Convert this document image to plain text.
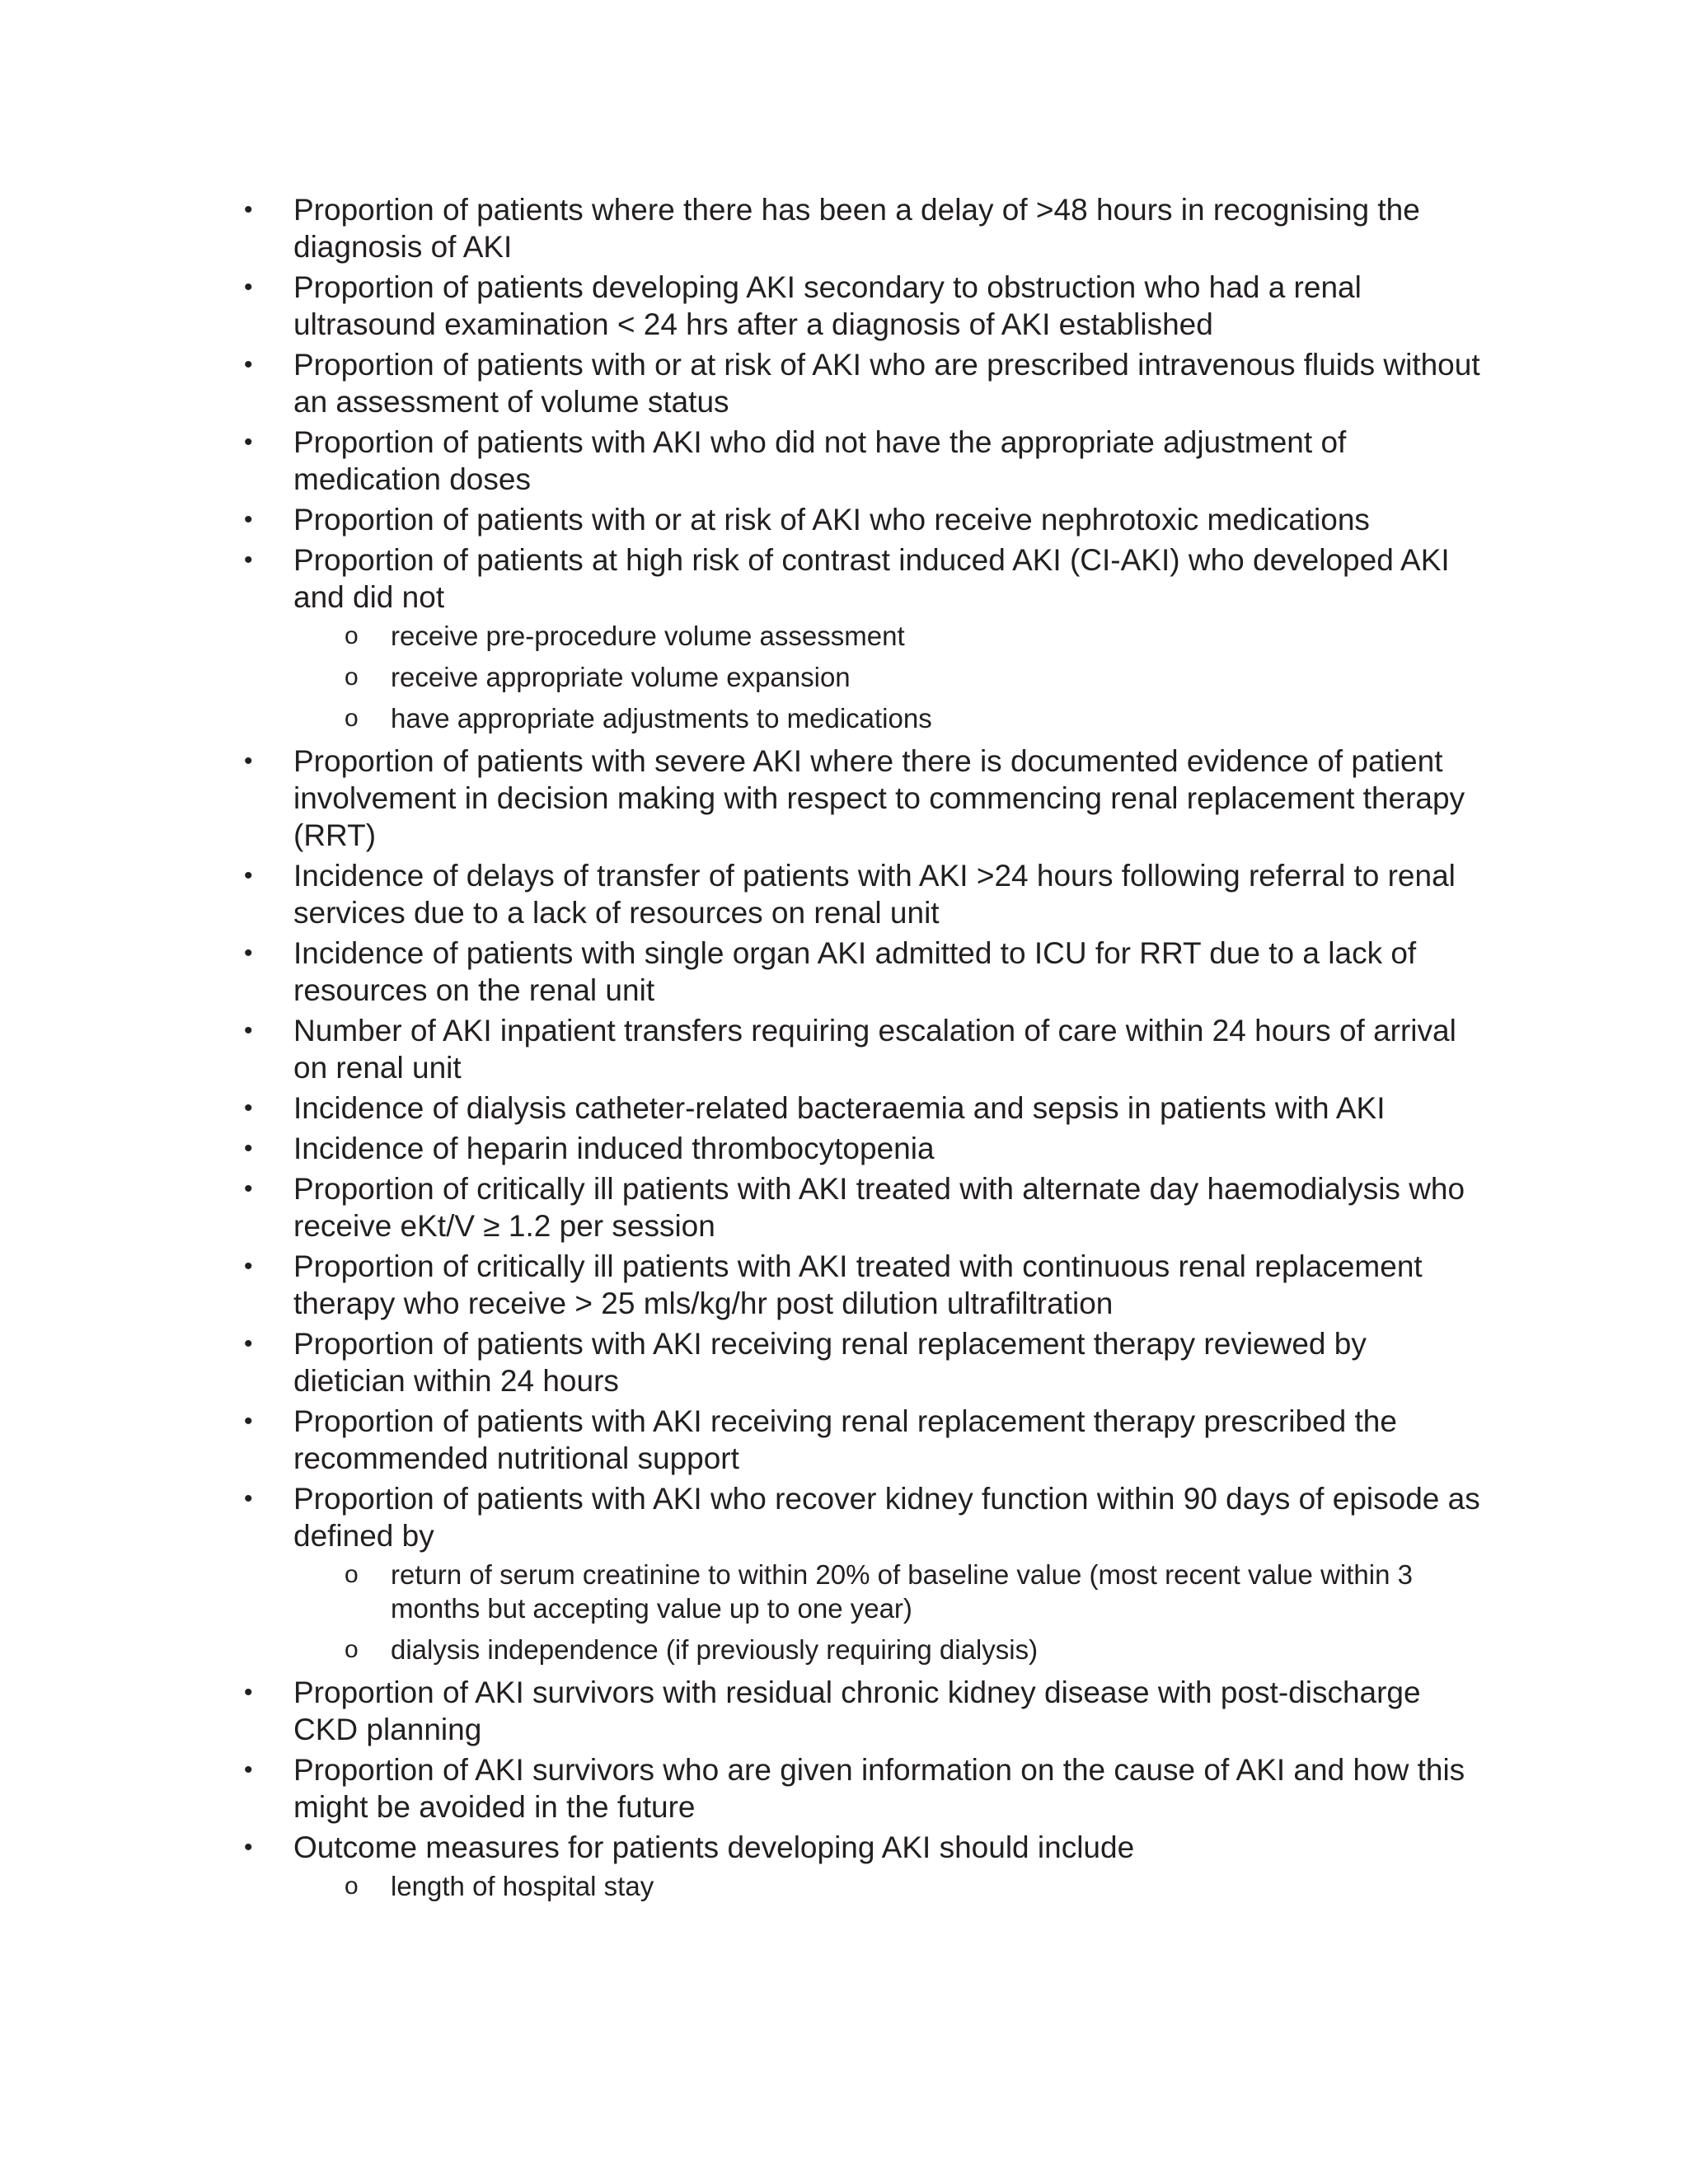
•	Proportion of patients where there has been a delay of >48 hours in recognising the diagnosis of AKI
•	Proportion of patients developing AKI secondary to obstruction who had a renal ultrasound examination < 24 hrs after a diagnosis of AKI established
•	Proportion of patients with or at risk of AKI who are prescribed intravenous fluids without an assessment of volume status
•	Proportion of patients with AKI who did not have the appropriate adjustment of medication doses
•	Proportion of patients with or at risk of AKI who receive nephrotoxic medications
•	Proportion of patients at high risk of contrast induced AKI (CI-AKI) who developed AKI and did not
o receive pre-procedure volume assessment
o receive appropriate volume expansion
o have appropriate adjustments to medications
•	Proportion of patients with severe AKI where there is documented evidence of patient involvement in decision making with respect to commencing renal replacement therapy (RRT)
•	Incidence of delays of transfer of patients with AKI >24 hours following referral to renal services due to a lack of resources on renal unit
•	Incidence of patients with single organ AKI admitted to ICU for RRT due to a lack of resources on the renal unit
•	Number of AKI inpatient transfers requiring escalation of care within 24 hours of arrival on renal unit
•	Incidence of dialysis catheter-related bacteraemia and sepsis in patients with AKI
•	Incidence of heparin induced thrombocytopenia
•	Proportion of critically ill patients with AKI treated with alternate day haemodialysis who receive eKt/V ≥ 1.2 per session
•	Proportion of critically ill patients with AKI treated with continuous renal replacement therapy who receive > 25 mls/kg/hr post dilution ultrafiltration
•	Proportion of patients with AKI receiving renal replacement therapy reviewed by dietician within 24 hours
•	Proportion of patients with AKI receiving renal replacement therapy prescribed the recommended nutritional support
•	Proportion of patients with AKI who recover kidney function within 90 days of episode as defined by
o return of serum creatinine to within 20% of baseline value (most recent value within 3 months but accepting value up to one year)
o dialysis independence (if previously requiring dialysis)
•	Proportion of AKI survivors with residual chronic kidney disease with post-discharge CKD planning
•	Proportion of AKI survivors who are given information on the cause of AKI and how this might be avoided in the future
•	Outcome measures for patients developing AKI should include
o length of hospital stay
